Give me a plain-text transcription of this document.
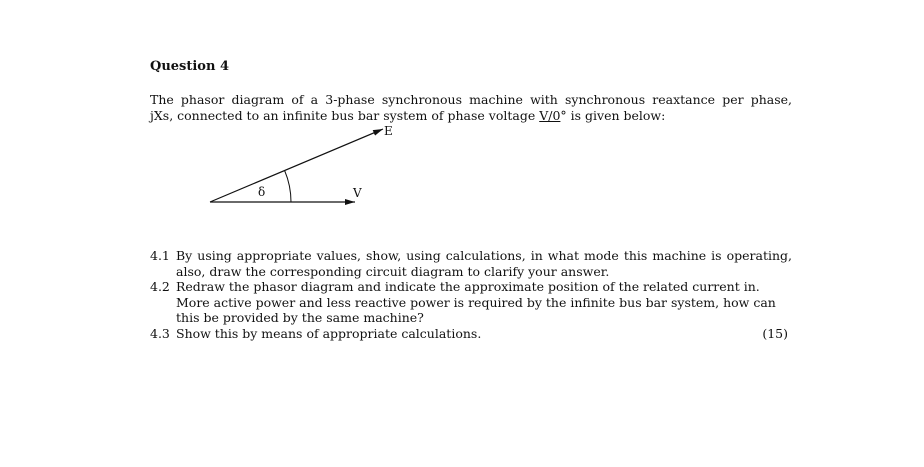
Question 4

The phasor diagram of a 3-phase synchronous machine with synchronous reaxtance per phase,

jXs, connected to an infinite bus bar system of phase voltage V/0° is given below:

E
V
δ
4.1 By using appropriate values, show, using calculations, in what mode this machine is operating, also, draw the corresponding circuit diagram to clarify your answer.
4.2 Redraw the phasor diagram and indicate the approximate position of the related current in. More active power and less reactive power is required by the infinite bus bar system, how can this be provided by the same machine?
4.3 Show this by means of appropriate calculations.	(15)
